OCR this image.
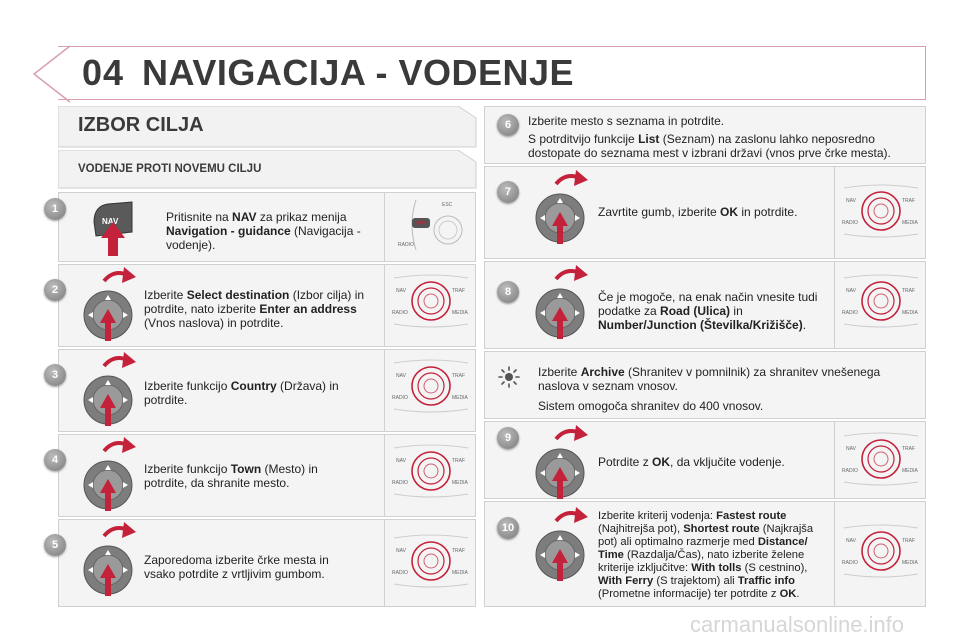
04 NAVIGACIJA - VODENJE
IZBOR CILJA
VODENJE PROTI NOVEMU CILJU
1
2
3
4
5
6
7
8
9
10
NAV	Pritisnite na NAV za prikaz menija Navigation - guidance (Navigacija - vodenje).
Izberite Select destination (Izbor cilja) in potrdite, nato izberite Enter an address (Vnos naslova) in potrdite.
Izberite funkcijo Country (Država) in potrdite.
Izberite funkcijo Town (Mesto) in potrdite, da shranite mesto.
Zaporedoma izberite črke mesta in vsako potrdite z vrtljivim gumbom.
Izberite mesto s seznama in potrdite.
S potrditvijo funkcije List (Seznam) na zaslonu lahko neposredno dostopate do seznama mest v izbrani državi (vnos prve črke mesta).
Zavrtite gumb, izberite OK in potrdite.
Če je mogoče, na enak način vnesite tudi podatke za Road (Ulica) in Number/Junction (Številka/Križišče).
Izberite Archive (Shranitev v pomnilnik) za shranitev vnešenega naslova v seznam vnosov.
Sistem omogoča shranitev do 400 vnosov.
Potrdite z OK, da vključite vodenje.
Izberite kriterij vodenja: Fastest route (Najhitrejša pot), Shortest route (Najkrajša pot) ali optimalno razmerje med Distance/ Time (Razdalja/Čas), nato izberite želene kriterije izključitve: With tolls (S cestnino), With Ferry (S trajektom) ali Traffic info (Prometne informacije) ter potrdite z OK.
ESC
NAV
RADIO
NAV	TRAF
RADIO	MEDIA
NAV	TRAF
RADIO	MEDIA
NAV	TRAF
RADIO	MEDIA
NAV	TRAF
RADIO	MEDIA
NAV	TRAF
RADIO	MEDIA
NAV	TRAF
RADIO	MEDIA
NAV	TRAF
RADIO	MEDIA
NAV	TRAF
RADIO	MEDIA
carmanualsonline.info
